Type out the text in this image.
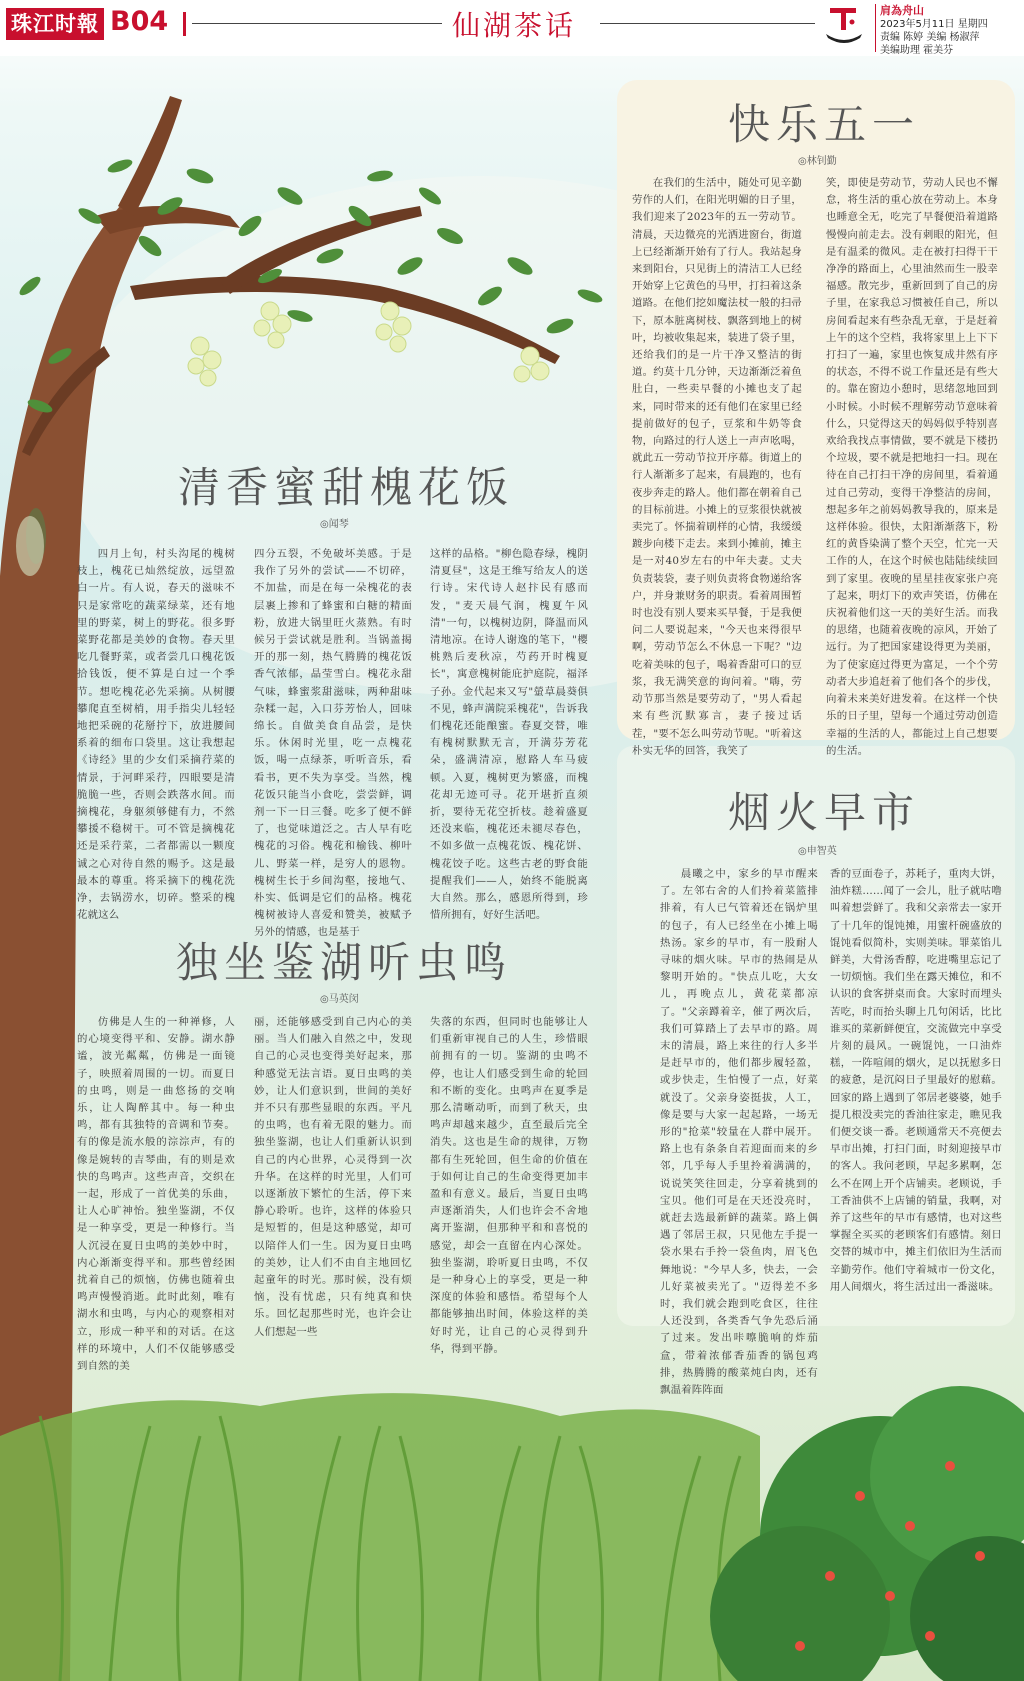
珠江时報 B04	仙湖茶话	肩為舟山
2023年5月11日 星期四
责编 陈婷 美编 杨淑萍
美编助理 霍美芬
清香蜜甜槐花饭
◎闻琴
四月上旬，村头沟尾的槐树枝上，槐花已灿然绽放，远望盈白一片。有人说，春天的滋味不只是家常吃的蔬菜绿菜，还有地里的野菜，树上的野花。很多野菜野花都是美妙的食物。春天里吃几餐野菜，或者尝几口槐花饭拾钱饭，便不算是白过一个季节。想吃槐花必先采摘。从树腰攀爬直至树梢，用手指尖儿轻轻地把采碗的花掰拧下，放进腰间系着的细布口袋里。这让我想起《诗经》里的少女们采摘荇菜的情景，于河畔采荇，四眼要是清脆脆一些，否则会跌落水间。而摘槐花，身躯须够健有力，不然攀援不稳树干。可不管是摘槐花还是采荇菜，二者都需以一颗度诚之心对待自然的赐予。这是最最本的尊重。将采摘下的槐花洗净，去锅涝水，切碎。整采的槐花就这么
四分五裂，不免破坏美感。于是我作了另外的尝试——不切碎，不加盐，而是在每一朵槐花的表层裹上掺和了蜂蜜和白糖的精面粉，放进大锅里旺火蒸熟。有时候另于尝试就是胜利。当锅盖揭开的那一刻，热气腾腾的槐花饭香气浓郁，晶莹雪白。槐花永甜气味，蜂蜜浆甜滋味，两种甜味杂糅一起，入口芬芳怡人，回味绵长。自做美食自品尝，是快乐。休闲时光里，吃一点槐花饭，喝一点绿茶，听听音乐，看看书，更不失为享受。当然，槐花饭只能当小食吃，尝尝鲜，调剂一下一日三餐。吃多了便不鲜了，也觉味道泛之。古人早有吃槐花的习俗。槐花和榆钱、柳叶儿、野菜一样，是穷人的恩物。槐树生长于乡间沟壑，接地气、朴实、低调是它们的品格。槐花槐树被诗人喜爱和赞美，被赋予另外的情感，也是基于
这样的品格。"柳色隐春绿，槐阴清夏昼"，这是王维写给友人的送行诗。宋代诗人赵抃民有感而发，"麦天晨气润，槐夏午风清"一句，以槐树边阴，降温而风清地凉。在诗人谢逸的笔下，"樱桃熟后麦秋凉，芍药开时槐夏长"，寓意槐树能庇护庭院，福泽子孙。金代起来又写"螢草晨葵俱不见，蜂声满院采槐花"，告诉我们槐花还能酿蜜。春夏交替，唯有槐树默默无言，开满芬芳花朵，盛满清凉，慰路人车马疲顿。入夏，槐树更为繁盛，而槐花却无迹可寻。花开堪折直须折，要待无花空折枝。趁着盛夏还没来临，槐花还未褪尽春色，不如多做一点槐花饭、槐花饼、槐花饺子吃。这些古老的野食能提醒我们——人，始终不能脱离大自然。那么，感恩所得到，珍惜所拥有，好好生活吧。
独坐鉴湖听虫鸣
◎马英闵
仿佛是人生的一种禅修，人的心境变得平和、安静。湖水静谧，波光粼粼，仿佛是一面镜子，映照着周围的一切。而夏日的虫鸣，则是一曲悠扬的交响乐，让人陶醉其中。每一种虫鸣，都有其独特的音调和节奏。有的像是流水般的淙淙声，有的像是婉转的吉琴曲，有的则是欢快的鸟鸣声。这些声音，交织在一起，形成了一首优美的乐曲，让人心旷神怡。独坐鉴湖，不仅是一种享受，更是一种修行。当人沉浸在夏日虫鸣的美妙中时，内心渐渐变得平和。那些曾经困扰着自己的烦恼，仿佛也随着虫鸣声慢慢消逝。此时此刻，唯有湖水和虫鸣，与内心的观察相对立，形成一种平和的对话。在这样的环境中，人们不仅能够感受到自然的美
丽，还能够感受到自己内心的美丽。当人们融入自然之中，发现自己的心灵也变得美好起来，那种感觉无法言语。夏日虫鸣的美妙，让人们意识到，世间的美好并不只有那些显眼的东西。平凡的虫鸣，也有着无限的魅力。而独坐鉴湖，也让人们重新认识到自己的内心世界，心灵得到一次升华。在这样的时光里，人们可以逐渐放下繁忙的生活，停下来静心聆听。也许，这样的体验只是短暂的，但是这种感觉，却可以陪伴人们一生。因为夏日虫鸣的美妙，让人们不由自主地回忆起童年的时光。那时候，没有烦恼，没有忧虑，只有纯真和快乐。回忆起那些时光，也许会让人们想起一些
失落的东西，但同时也能够让人们重新审视自己的人生，珍惜眼前拥有的一切。鉴湖的虫鸣不停，也让人们感受到生命的轮回和不断的变化。虫鸣声在夏季是那么清晰动听，而到了秋天，虫鸣声却越来越少，直至最后完全消失。这也是生命的规律，万物都有生死轮回，但生命的价值在于如何让自己的生命变得更加丰盈和有意义。最后，当夏日虫鸣声逐渐消失，人们也许会不舍地离开鉴湖，但那种平和和喜悦的感觉，却会一直留在内心深处。独坐鉴湖，聆听夏日虫鸣，不仅是一种身心上的享受，更是一种深度的体验和感悟。希望每个人都能够抽出时间，体验这样的美好时光，让自己的心灵得到升华，得到平静。
快乐五一
◎林钊勤
在我们的生活中，随处可见辛勤劳作的人们，在阳光明媚的日子里，我们迎来了2023年的五一劳动节。清晨，天边微亮的光洒进窗台，街道上已经渐渐开始有了行人。我站起身来到阳台，只见街上的清洁工人已经开始穿上它黄色的马甲，打扫着这条道路。在他们挖如魔法杖一般的扫帚下，原本脏离树枝、飘落到地上的树叶，均被收集起来，装进了袋子里，还给我们的是一片干净又整洁的街道。约莫十几分钟，天边渐渐泛着鱼肚白，一些卖早餐的小摊也支了起来，同时带来的还有他们在家里已经提前做好的包子，豆浆和牛奶等食物，向路过的行人送上一声声吆喝，就此五一劳动节拉开序幕。街道上的行人渐渐多了起来，有晨跑的，也有夜步奔走的路人。他们都在朝着自己的目标前进。小摊上的豆浆很快就被卖完了。怀揣着刷样的心情，我缓缓踱步向楼下走去。来到小摊前，摊主是一对40岁左右的中年夫妻。丈夫负责装袋，妻子则负责将食物递给客户，并身兼财务的职责。看着周围暂时也没有别人要来买早餐，于是我便问二人要说起来，"今天也来得很早啊，劳动节怎么不休息一下呢？"边吃着美味的包子，喝着香甜可口的豆浆，我无满笑意的询问着。"嗨，劳动节那当然是要劳动了，"男人看起来有些沉默寡言，妻子接过话茬，"要不怎么叫劳动节呢。"听着这朴实无华的回答，我笑了
笑，即使是劳动节，劳动人民也不懈怠，将生活的重心放在劳动上。本身也睡意全无，吃完了早餐便沿着道路慢慢向前走去。没有刺眼的阳光，但是有温柔的微风。走在被打扫得干干净净的路面上，心里油然而生一股幸福感。散完步，重新回到了自己的房子里，在家我总习惯被任自己，所以房间看起来有些杂乱无章，于是赶着上午的这个空档，我将家里上上下下打扫了一遍，家里也恢复成井然有序的状态，不得不说工作量还是有些大的。靠在窗边小憩时，思绪忽地回到小时候。小时候不理解劳动节意味着什么，只觉得这天的妈妈似乎特别喜欢给我找点事情做，要不就是下楼扔个垃圾，要不就是把地扫一扫。现在待在自己打扫干净的房间里，看着通过自己劳动，变得干净整洁的房间，想起多年之前妈妈教导我的，原来是这样体验。很快，太阳渐渐落下，粉红的黄昏染满了整个天空，忙完一天工作的人，在这个时候也陆陆续续回到了家里。夜晚的星星挂夜家张户亮了起来，明灯下的欢声笑语，仿佛在庆祝着他们这一天的美好生活。而我的思绪，也随着夜晚的凉风，开始了远行。为了把国家建设得更为美丽，为了使家庭过得更为富足，一个个劳动者大步追赶着了他们各个的步伐，向着未来美好进发着。在这样一个快乐的日子里，望每一个通过劳动创造幸福的生活的人，都能过上自己想要的生活。
烟火早市
◎申智英
晨曦之中，家乡的早市醒来了。左邻右舍的人们拎着菜篮排排着，有人已气管着还在锅炉里的包子，有人已经坐在小摊上喝热汤。家乡的早市，有一股耐人寻味的烟火味。早市的热闹是从黎明开始的。"快点儿吃，大女儿，再晚点儿，黄花菜都凉了。"父亲蹲着辛，催了两次后，我们可算踏上了去早市的路。周末的清晨，路上来往的行人多半是赶早市的，他们都步履轻盈，或步快走，生怕慢了一点，好菜就没了。父亲身姿挺拔，人工，像是要与大家一起起路，一场无形的"抢菜"较量在人群中展开。路上也有条条自若迎面而来的乡邻，几乎每人手里拎着满满的，说说笑笑往回走，分享着挑到的宝贝。他们可是在天还没亮时，就赶去选最新鲜的蔬菜。路上偶遇了邻居王叔，只见他左手提一袋水果右手拎一袋鱼肉，眉飞色舞地说："今早人多，快去，一会儿好菜被卖光了。"迈得差不多时，我们就会跑到吃食区，往往人还没到，各类香气争先恐后涌了过来。发出咔嚓脆响的炸茄盒，带着浓郁香茄香的锅包鸡排，热腾腾的酸菜炖白肉，还有飘温着阵阵面
香的豆面卷子，苏耗子，重肉大饼，油炸糕……闻了一会儿，肚子就咕噜叫着想尝鲜了。我和父亲常去一家开了十几年的馄饨摊，用蜜杆碗盛放的馄饨看似简朴，实则美味。罪菜馅儿鲜美，大骨汤香醇，吃进嘴里忘记了一切烦恼。我们坐在露天摊位，和不认识的食客拼桌而食。大家时而埋头苦吃，时而抬头聊上几句闲话，比比谁买的菜新鲜便宜，交流做完中享受片刻的晨风。一碗馄饨，一口油炸糕，一阵喧闹的烟火，足以抚慰多日的疲惫，是沉闷日子里最好的慰藉。回家的路上遇到了邻居老婆婆，她手提几根没卖完的香油往家走，瞧见我们便交谈一番。老顾通常天不亮便去早市出摊，打扫门面，时刻迎接早市的客人。我问老顾，早起多累啊，怎么不在网上开个店铺卖。老顾说，手工香油供不上店铺的销量，我啊，对养了这些年的早市有感情，也对这些掌握全买买的老顾客们有感情。刻日交替的城市中，摊主们依旧为生活而辛勤劳作。他们守着城市一份文化，用人间烟火，将生活过出一番滋味。
